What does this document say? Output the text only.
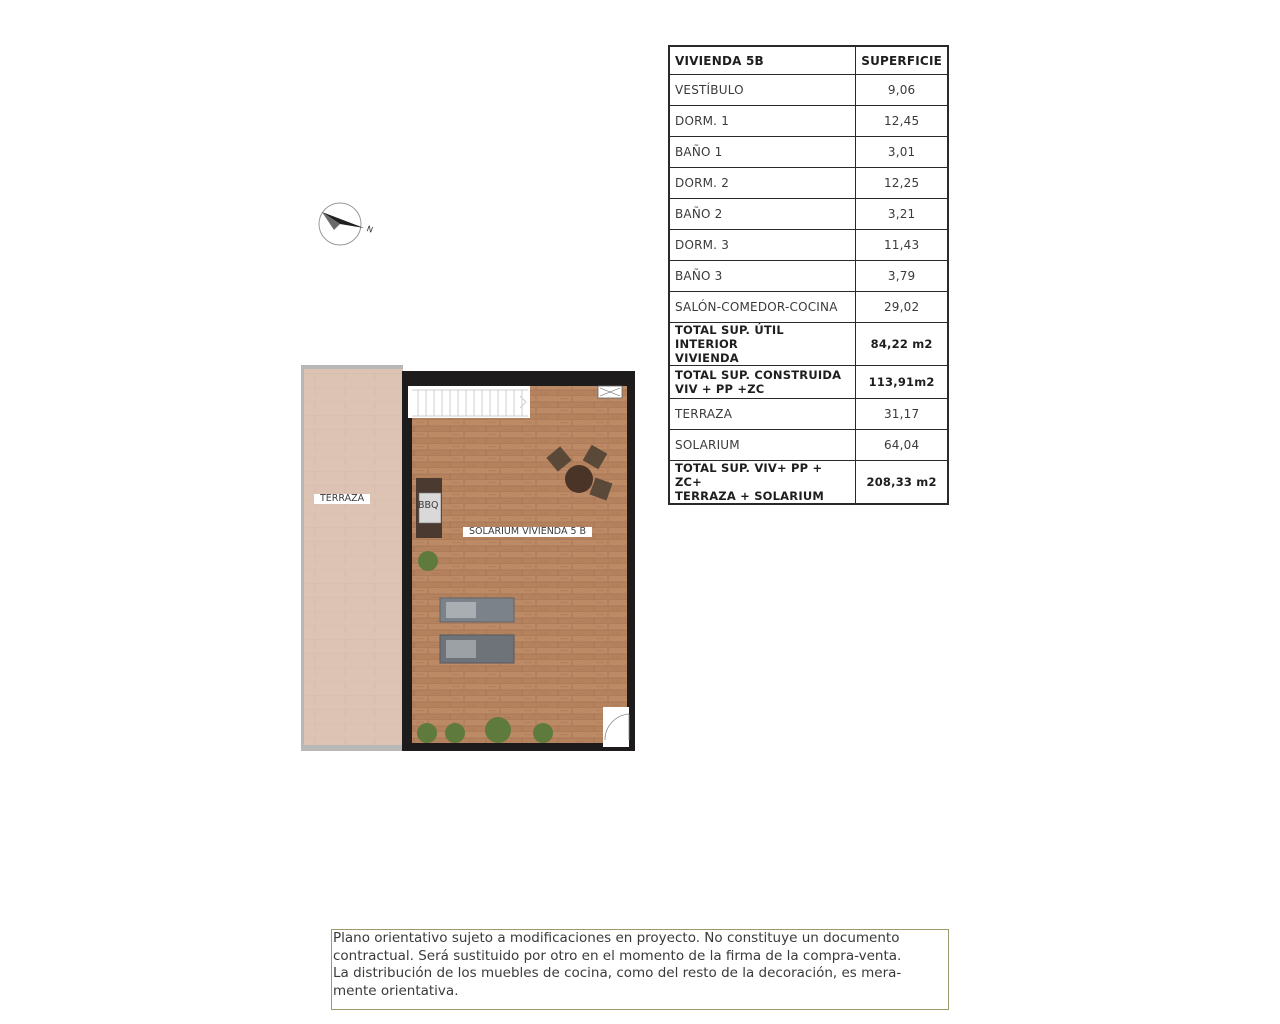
VIVIENDA 5B	SUPERFICIE
VESTÍBULO	9,06
DORM. 1	12,45
BAÑO 1	3,01
DORM. 2	12,25
BAÑO 2	3,21
DORM. 3	11,43
BAÑO 3	3,79
SALÓN-COMEDOR-COCINA	29,02
TOTAL SUP. ÚTIL INTERIOR
VIVIENDA	84,22 m2
TOTAL SUP. CONSTRUIDA
VIV + PP +ZC	113,91m2
TERRAZA	31,17
SOLARIUM	64,04
TOTAL SUP. VIV+ PP + ZC+
TERRAZA + SOLARIUM	208,33 m2
N
TERRAZA
SOLARIUM VIVIENDA 5 B
BBQ
Plano orientativo sujeto a modificaciones en proyecto. No constituye un documento
contractual. Será sustituido por otro en el momento de la firma de la compra-venta.
La distribución de los muebles de cocina, como del resto de la decoración, es mera-
mente orientativa.
